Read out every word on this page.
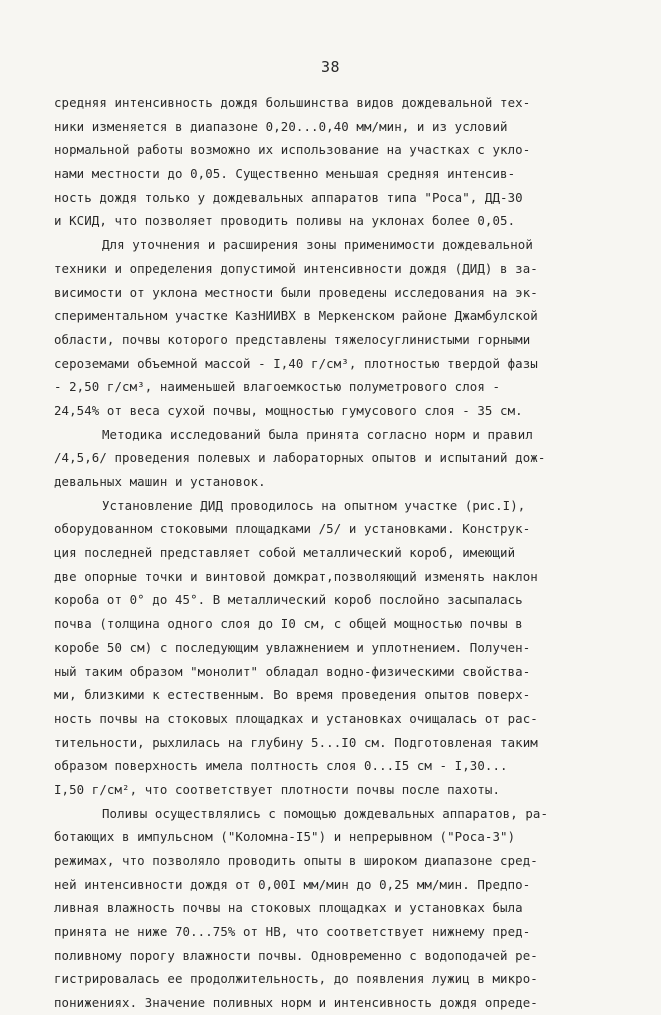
38
средняя интенсивность дождя большинства видов дождевальной тех-
ники изменяется в диапазоне 0,20...0,40 мм/мин, и из условий
нормальной работы возможно их использование на участках с укло-
нами местности до 0,05. Существенно меньшая средняя интенсив-
ность дождя только у дождевальных аппаратов типа "Роса", ДД-30
и КСИД, что позволяет проводить поливы на уклонах более 0,05.
Для уточнения и расширения зоны применимости дождевальной
техники и определения допустимой интенсивности дождя (ДИД) в за-
висимости от уклона местности были проведены исследования на эк-
спериментальном участке КазНИИВХ в Меркенском районе Джамбулской
области, почвы которого представлены тяжелосуглинистыми горными
сероземами объемной массой - I,40 г/см³, плотностью твердой фазы
- 2,50 г/см³, наименьшей влагоемкостью полуметрового слоя -
24,54% от веса сухой почвы, мощностью гумусового слоя - 35 см.
Методика исследований была принята согласно норм и правил
/4,5,6/ проведения полевых и лабораторных опытов и испытаний дож-
девальных машин и установок.
Установление ДИД проводилось на опытном участке (рис.I),
оборудованном стоковыми площадками /5/ и установками. Конструк-
ция последней представляет собой металлический короб, имеющий
две опорные точки и винтовой домкрат,позволяющий изменять наклон
короба от 0° до 45°. В металлический короб послойно засыпалась
почва (толщина одного слоя до I0 см, с общей мощностью почвы в
коробе 50 см) с последующим увлажнением и уплотнением. Получен-
ный таким образом "монолит" обладал водно-физическими свойства-
ми, близкими к естественным. Во время проведения опытов поверх-
ность почвы на стоковых площадках и установках очищалась от рас-
тительности, рыхлилась на глубину 5...I0 см. Подготовленая таким
образом поверхность имела полтность слоя 0...I5 см - I,30...
I,50 г/см², что соответствует плотности почвы после пахоты.
Поливы осуществлялись с помощью дождевальных аппаратов, ра-
ботающих в импульсном ("Коломна-I5") и непрерывном ("Роса-3")
режимах, что позволяло проводить опыты в широком диапазоне сред-
ней интенсивности дождя от 0,00I мм/мин до 0,25 мм/мин. Предпо-
ливная влажность почвы на стоковых площадках и установках была
принята не ниже 70...75% от НВ, что соответствует нижнему пред-
поливному порогу влажности почвы. Одновременно с водоподачей ре-
гистрировалась ее продолжительность, до появления лужиц в микро-
понижениях. Значение поливных норм и интенсивность дождя опреде-
